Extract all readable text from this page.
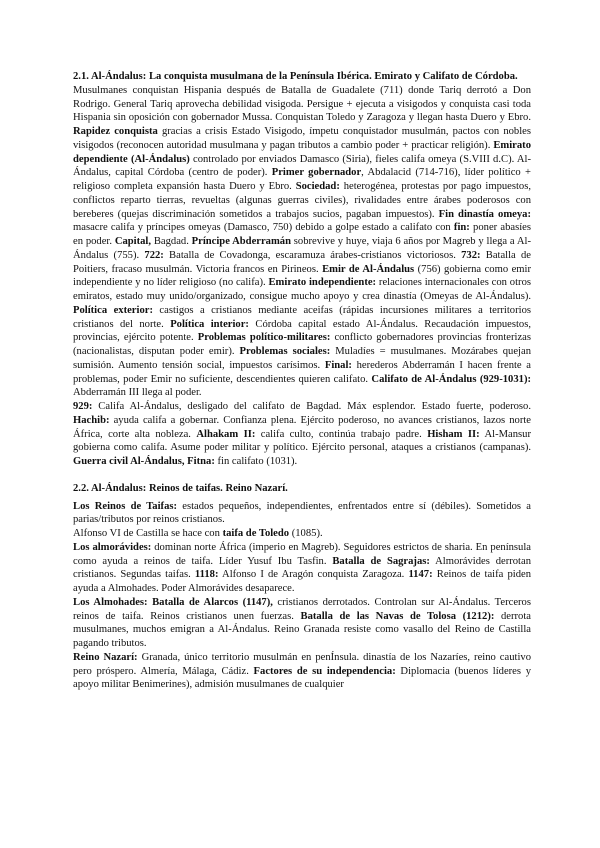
2.1. Al-Ándalus: La conquista musulmana de la Península Ibérica. Emirato y Califato de Córdoba.

Musulmanes conquistan Hispania después de Batalla de Guadalete (711) donde Tariq derrotó a Don Rodrigo. General Tariq aprovecha debilidad visigoda. Persigue + ejecuta a visigodos y conquista casi toda Hispania sin oposición con gobernador Mussa. Conquistan Toledo y Zaragoza y llegan hasta Duero y Ebro. Rapidez conquista gracias a crisis Estado Visigodo, ímpetu conquistador musulmán, pactos con nobles visigodos (reconocen autoridad musulmana y pagan tributos a cambio poder + practicar religión). Emirato dependiente (Al-Ándalus) controlado por enviados Damasco (Siria), fieles califa omeya (S.VIII d.C). Al-Ándalus, capital Córdoba (centro de poder). Primer gobernador, Abdalacid (714-716), líder político + religioso completa expansión hasta Duero y Ebro. Sociedad: heterogénea, protestas por pago impuestos, conflictos reparto tierras, revueltas (algunas guerras civiles), rivalidades entre árabes poderosos con bereberes (quejas discriminación sometidos a trabajos sucios, pagaban impuestos). Fin dinastía omeya: masacre califa y príncipes omeyas (Damasco, 750) debido a golpe estado a califato con fin: poner abasíes en poder. Capital, Bagdad. Príncipe Abderramán sobrevive y huye, viaja 6 años por Magreb y llega a Al-Ándalus (755). 722: Batalla de Covadonga, escaramuza árabes-cristianos victoriosos. 732: Batalla de Poitiers, fracaso musulmán. Victoria francos en Pirineos. Emir de Al-Ándalus (756) gobierna como emir independiente y no líder religioso (no califa). Emirato independiente: relaciones internacionales con otros emiratos, estado muy unido/organizado, consigue mucho apoyo y crea dinastía (Omeyas de Al-Ándalus). Política exterior: castigos a cristianos mediante aceifas (rápidas incursiones militares a territorios cristianos del norte. Política interior: Córdoba capital estado Al-Ándalus. Recaudación impuestos, provincias, ejército potente. Problemas político-militares: conflicto gobernadores provincias fronterizas (nacionalistas, disputan poder emir). Problemas sociales: Muladíes = musulmanes. Mozárabes quejan sumisión. Aumento tensión social, impuestos carísimos. Final: herederos Abderramán I hacen frente a problemas, poder Emir no suficiente, descendientes quieren califato. Califato de Al-Ándalus (929-1031): Abderramán III llega al poder.

929: Califa Al-Ándalus, desligado del califato de Bagdad. Máx esplendor. Estado fuerte, poderoso. Hachib: ayuda califa a gobernar. Confianza plena. Ejército poderoso, no avances cristianos, lazos norte África, corte alta nobleza. Alhakam II: califa culto, continúa trabajo padre. Hisham II: Al-Mansur gobierna como califa. Asume poder militar y político. Ejército personal, ataques a cristianos (campanas). Guerra civil Al-Ándalus, Fitna: fin califato (1031).

2.2. Al-Ándalus: Reinos de taifas. Reino Nazarí.

Los Reinos de Taifas: estados pequeños, independientes, enfrentados entre sí (débiles). Sometidos a parias/tributos por reinos cristianos.

Alfonso VI de Castilla se hace con taifa de Toledo (1085).

Los almorávides: dominan norte África (imperio en Magreb). Seguidores estrictos de sharia. En península como ayuda a reinos de taifa. Líder Yusuf Ibu Tasfin. Batalla de Sagrajas: Almorávides derrotan cristianos. Segundas taifas. 1118: Alfonso I de Aragón conquista Zaragoza. 1147: Reinos de taifa piden ayuda a Almohades. Poder Almorávides desaparece.

Los Almohades: Batalla de Alarcos (1147), cristianos derrotados. Controlan sur Al-Ándalus. Terceros reinos de taifa. Reinos cristianos unen fuerzas. Batalla de las Navas de Tolosa (1212): derrota musulmanes, muchos emigran a Al-Ándalus. Reino Granada resiste como vasallo del Reino de Castilla pagando tributos.

Reino Nazarí: Granada, único territorio musulmán en penÍnsula. dinastía de los Nazaríes, reino cautivo pero próspero. Almería, Málaga, Cádiz. Factores de su independencia: Diplomacia (buenos líderes y apoyo militar Benimerines), admisión musulmanes de cualquier
